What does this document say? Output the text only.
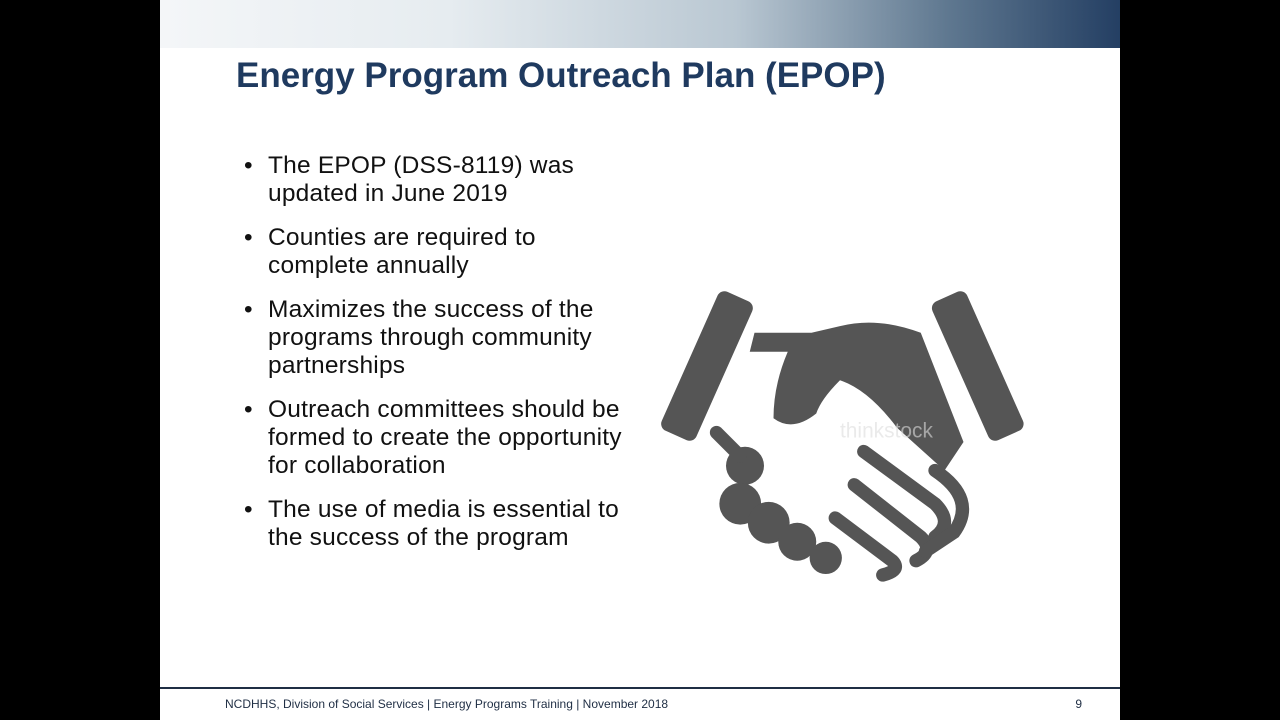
Energy Program Outreach Plan (EPOP)
• The EPOP (DSS-8119) was updated in June 2019
• Counties are required to complete annually
• Maximizes the success of the programs through community partnerships
• Outreach committees should be formed to create the opportunity for collaboration
• The use of media is essential to the success of the program
thinkstock
NCDHHS, Division of Social Services | Energy Programs Training | November 2018	9
